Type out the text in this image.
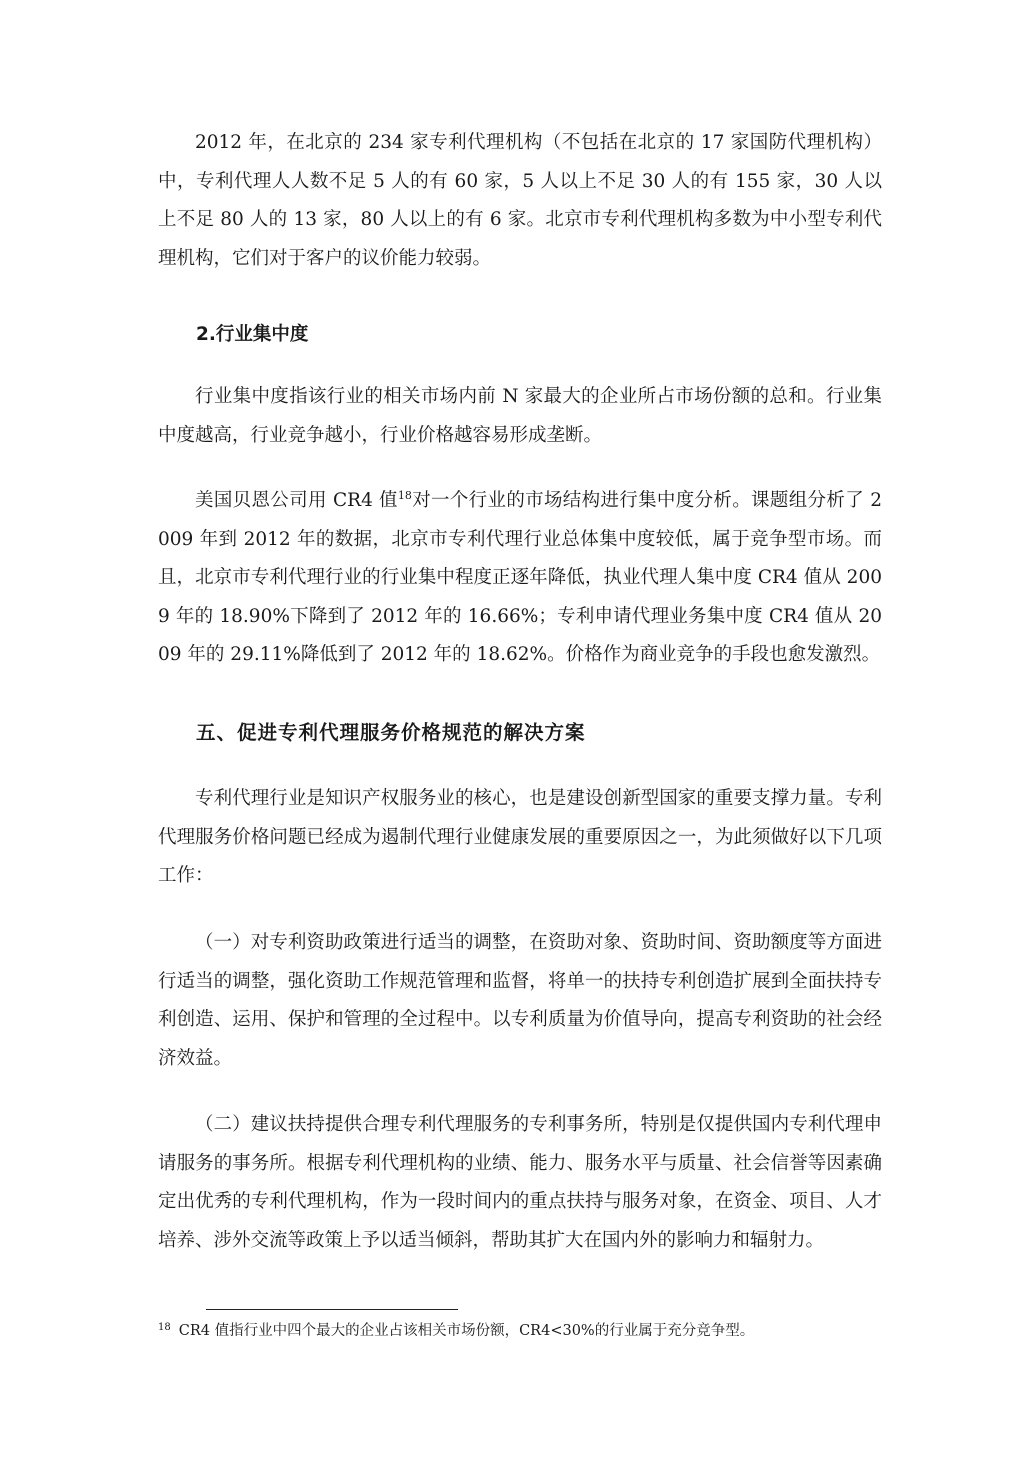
2012 年，在北京的 234 家专利代理机构（不包括在北京的 17 家国防代理机构）中，专利代理人人数不足 5 人的有 60 家，5 人以上不足 30 人的有 155 家，30 人以上不足 80 人的 13 家，80 人以上的有 6 家。北京市专利代理机构多数为中小型专利代理机构，它们对于客户的议价能力较弱。

2.行业集中度

行业集中度指该行业的相关市场内前 N 家最大的企业所占市场份额的总和。行业集中度越高，行业竞争越小，行业价格越容易形成垄断。

美国贝恩公司用 CR4 值$^{18}$对一个行业的市场结构进行集中度分析。课题组分析了 2009 年到 2012 年的数据，北京市专利代理行业总体集中度较低，属于竞争型市场。而且，北京市专利代理行业的行业集中程度正逐年降低，执业代理人集中度 CR4 值从 2009 年的 18.90%下降到了 2012 年的 16.66%；专利申请代理业务集中度 CR4 值从 2009 年的 29.11%降低到了 2012 年的 18.62%。价格作为商业竞争的手段也愈发激烈。

五、促进专利代理服务价格规范的解决方案

专利代理行业是知识产权服务业的核心，也是建设创新型国家的重要支撑力量。专利代理服务价格问题已经成为遏制代理行业健康发展的重要原因之一，为此须做好以下几项工作：

（一）对专利资助政策进行适当的调整，在资助对象、资助时间、资助额度等方面进行适当的调整，强化资助工作规范管理和监督，将单一的扶持专利创造扩展到全面扶持专利创造、运用、保护和管理的全过程中。以专利质量为价值导向，提高专利资助的社会经济效益。

（二）建议扶持提供合理专利代理服务的专利事务所，特别是仅提供国内专利代理申请服务的事务所。根据专利代理机构的业绩、能力、服务水平与质量、社会信誉等因素确定出优秀的专利代理机构，作为一段时间内的重点扶持与服务对象，在资金、项目、人才培养、涉外交流等政策上予以适当倾斜，帮助其扩大在国内外的影响力和辐射力。

$^{18}$ CR4 值指行业中四个最大的企业占该相关市场份额，CR4<30%的行业属于充分竞争型。
